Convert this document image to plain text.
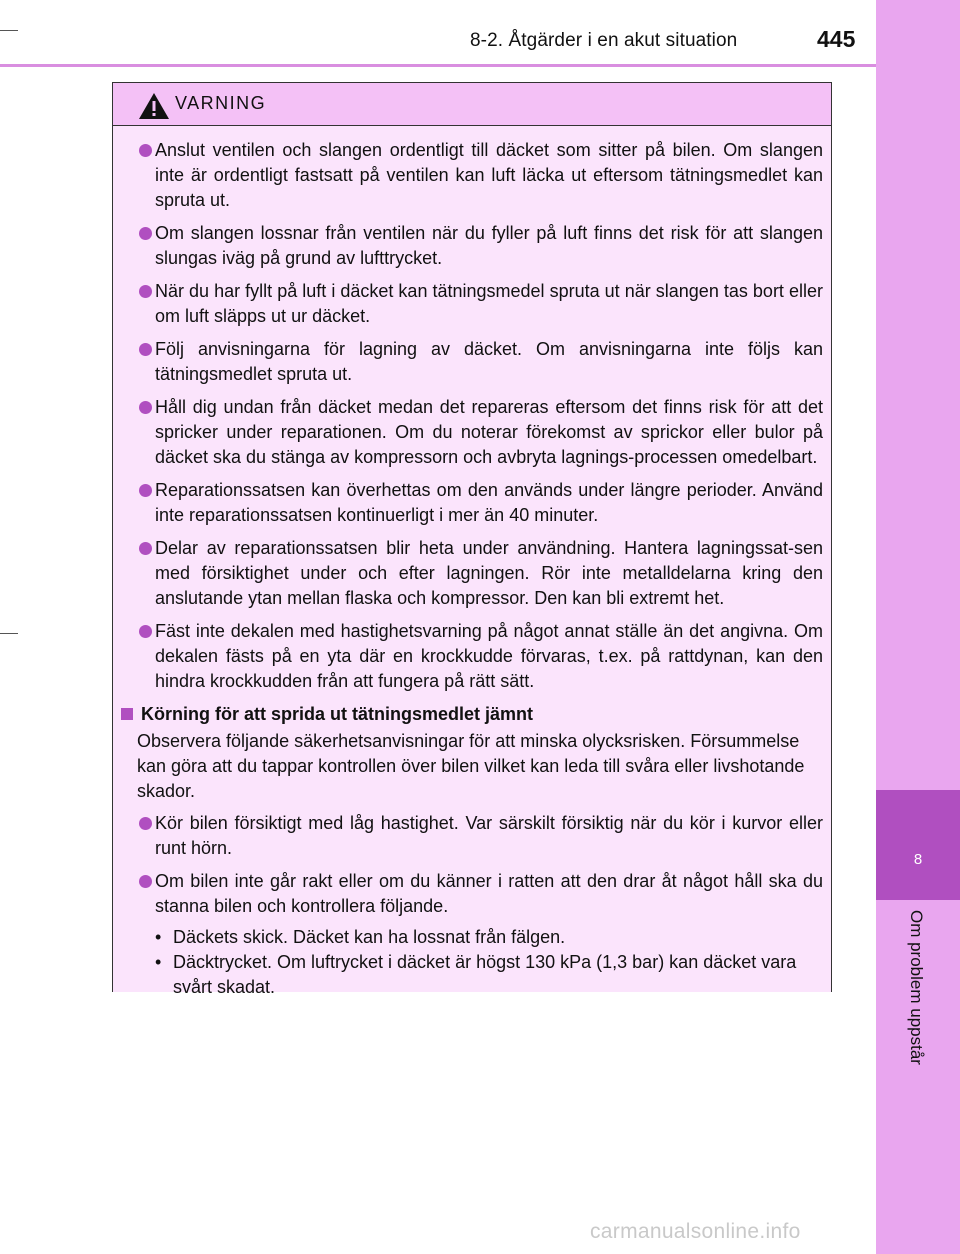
8-2. Åtgärder i en akut situation	445
8
Om problem uppstår
VARNING
Anslut ventilen och slangen ordentligt till däcket som sitter på bilen. Om slangen inte är ordentligt fastsatt på ventilen kan luft läcka ut eftersom tätningsmedlet kan spruta ut.
Om slangen lossnar från ventilen när du fyller på luft finns det risk för att slangen slungas iväg på grund av lufttrycket.
När du har fyllt på luft i däcket kan tätningsmedel spruta ut när slangen tas bort eller om luft släpps ut ur däcket.
Följ anvisningarna för lagning av däcket. Om anvisningarna inte följs kan tätningsmedlet spruta ut.
Håll dig undan från däcket medan det repareras eftersom det finns risk för att det spricker under reparationen. Om du noterar förekomst av sprickor eller bulor på däcket ska du stänga av kompressorn och avbryta lagnings-processen omedelbart.
Reparationssatsen kan överhettas om den används under längre perioder. Använd inte reparationssatsen kontinuerligt i mer än 40 minuter.
Delar av reparationssatsen blir heta under användning. Hantera lagningssat-sen med försiktighet under och efter lagningen. Rör inte metalldelarna kring den anslutande ytan mellan flaska och kompressor. Den kan bli extremt het.
Fäst inte dekalen med hastighetsvarning på något annat ställe än det angivna. Om dekalen fästs på en yta där en krockkudde förvaras, t.ex. på rattdynan, kan den hindra krockkudden från att fungera på rätt sätt.
Körning för att sprida ut tätningsmedlet jämnt
Observera följande säkerhetsanvisningar för att minska olycksrisken. Försummelse kan göra att du tappar kontrollen över bilen vilket kan leda till svåra eller livshotande skador.
Kör bilen försiktigt med låg hastighet. Var särskilt försiktig när du kör i kurvor eller runt hörn.
Om bilen inte går rakt eller om du känner i ratten att den drar åt något håll ska du stanna bilen och kontrollera följande.
• Däckets skick. Däcket kan ha lossnat från fälgen.
• Däcktrycket. Om luftrycket i däcket är högst 130 kPa (1,3 bar) kan däcket vara svårt skadat.
carmanualsonline.info
